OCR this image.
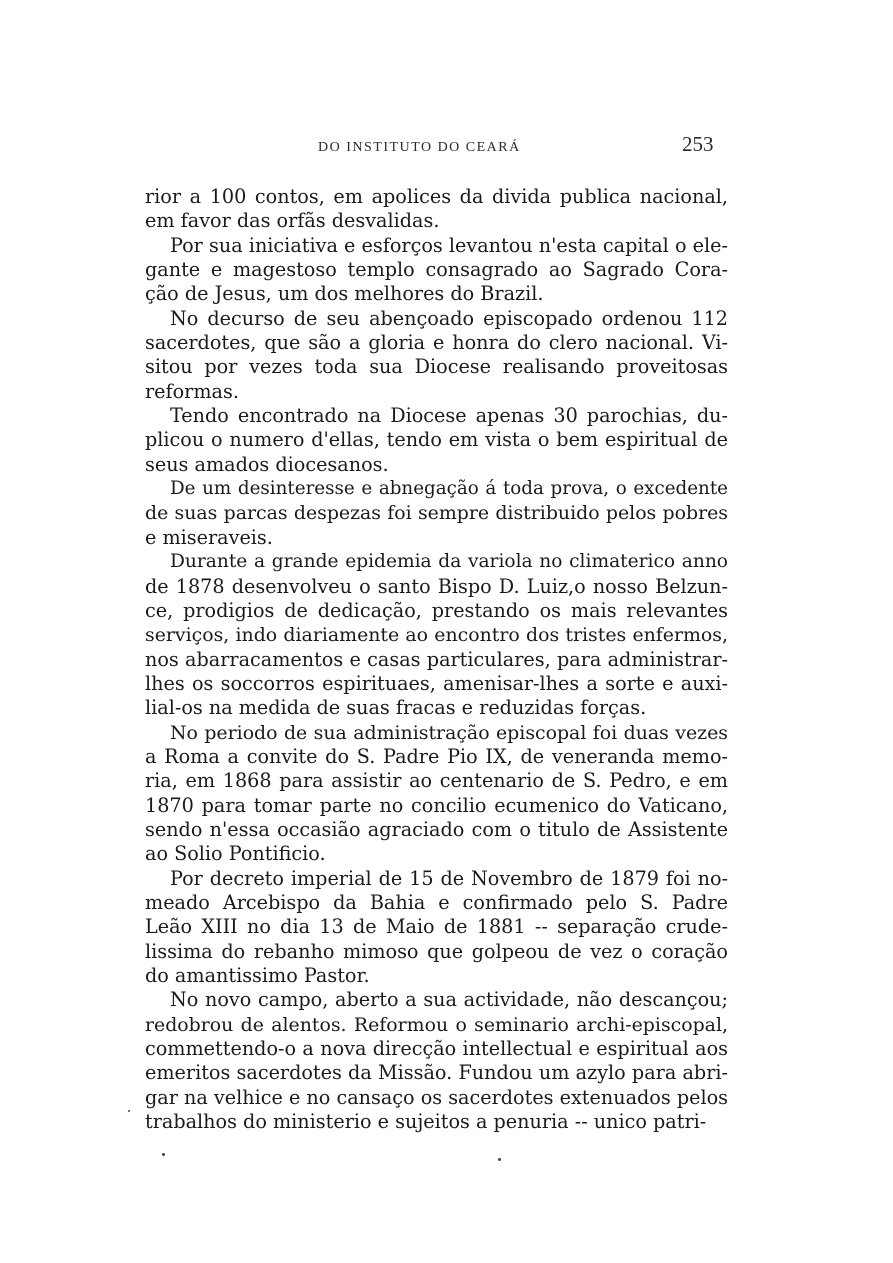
DO INSTITUTO DO CEARÁ	253
rior a 100 contos, em apolices da divida publica nacional,
em favor das orfãs desvalidas.
Por sua iniciativa e esforços levantou n'esta capital o ele-
gante e magestoso templo consagrado ao Sagrado Cora-
ção de Jesus, um dos melhores do Brazil.
No decurso de seu abençoado episcopado ordenou 112
sacerdotes, que são a gloria e honra do clero nacional. Vi-
sitou por vezes toda sua Diocese realisando proveitosas
reformas.
Tendo encontrado na Diocese apenas 30 parochias, du-
plicou o numero d'ellas, tendo em vista o bem espiritual de
seus amados diocesanos.
De um desinteresse e abnegação á toda prova, o excedente
de suas parcas despezas foi sempre distribuido pelos pobres
e miseraveis.
Durante a grande epidemia da variola no climaterico anno
de 1878 desenvolveu o santo Bispo D. Luiz,o nosso Belzun-
ce, prodigios de dedicação, prestando os mais relevantes
serviços, indo diariamente ao encontro dos tristes enfermos,
nos abarracamentos e casas particulares, para administrar-
lhes os soccorros espirituaes, amenisar-lhes a sorte e auxi-
lial-os na medida de suas fracas e reduzidas forças.
No periodo de sua administração episcopal foi duas vezes
a Roma a convite do S. Padre Pio IX, de veneranda memo-
ria, em 1868 para assistir ao centenario de S. Pedro, e em
1870 para tomar parte no concilio ecumenico do Vaticano,
sendo n'essa occasião agraciado com o titulo de Assistente
ao Solio Pontificio.
Por decreto imperial de 15 de Novembro de 1879 foi no-
meado Arcebispo da Bahia e confirmado pelo S. Padre
Leão XIII no dia 13 de Maio de 1881 -- separação crude-
lissima do rebanho mimoso que golpeou de vez o coração
do amantissimo Pastor.
No novo campo, aberto a sua actividade, não descançou;
redobrou de alentos. Reformou o seminario archi-episcopal,
commettendo-o a nova direcção intellectual e espiritual aos
emeritos sacerdotes da Missão. Fundou um azylo para abri-
gar na velhice e no cansaço os sacerdotes extenuados pelos
trabalhos do ministerio e sujeitos a penuria -- unico patri-
